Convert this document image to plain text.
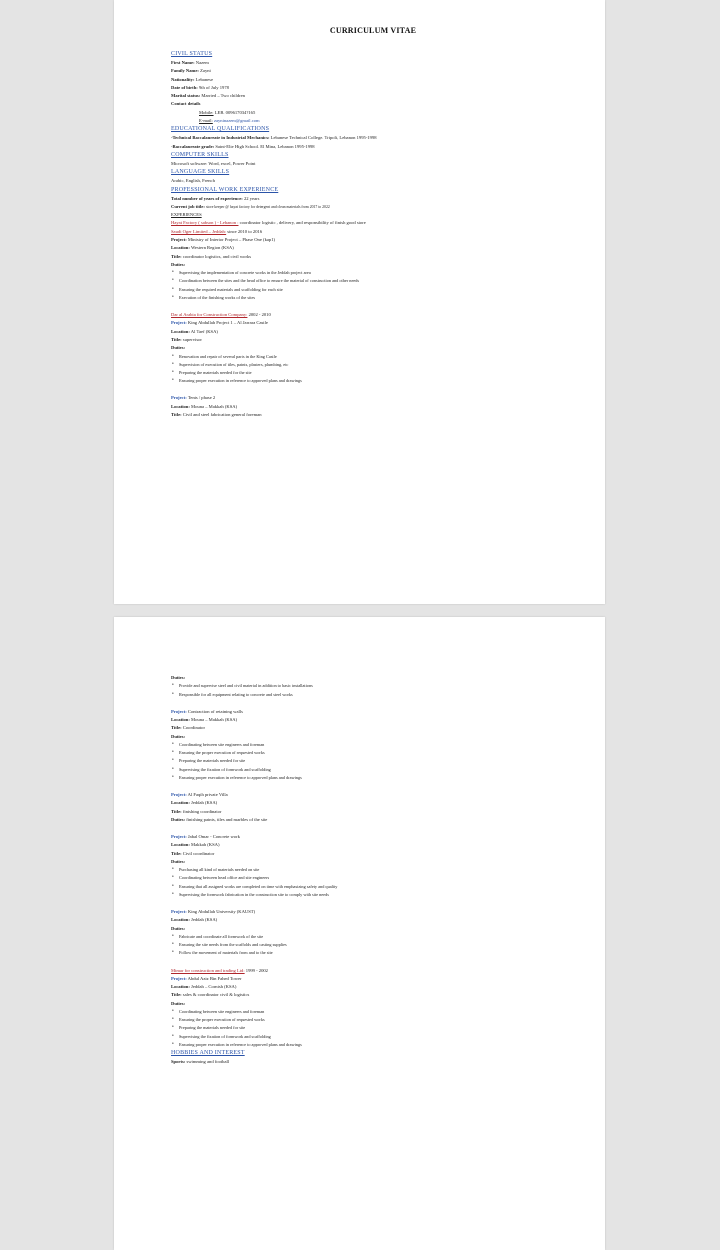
CURRICULUM VITAE
CIVIL STATUS
First Name: Nazem
Family Name: Zayni
Nationality: Lebanese
Date of birth: 9th of July 1978
Marital status: Married – Two children
Contact details
Mobile: LEB. 009617034?165
E-mail: zayninazem@gmail.com
EDUCATIONAL QUALIFICATIONS
-Technical Baccalaureate in Industrial Mechanics: Lebanese Technical College. Tripoli, Lebanon 1995-1998
-Baccalaureate grade: Saint-Elie High School. El Mina, Lebanon 1995-1998
COMPUTER SKILLS
Microsoft software: Word, excel, Power Point
LANGUAGE SKILLS
Arabic, English, French
PROFESSIONAL WORK EXPERIENCE
Total number of years of experience: 22 years
Current job title: store keeper @ hayat factory for detergent and clean materials from 2017 to 2022
EXPERIENCES
Hayat Factory ( sabson ) - Lebanon : coordinator logistic , delivery, and responsibility of finish good store
Saudi Oger Limited – Jeddah: since 2010 to 2016
Project: Ministry of Interior Project – Phase One (kap1)
Location: Western Region (KSA)
Title: coordinator logistics, and civil works
Duties:
• Supervising the implementation of concrete works in the Jeddah project area
• Coordination between the sites and the head office to ensure the material of construction and other needs
• Ensuring the required materials and scaffolding for each site
• Execution of the finishing works of the sites
Dar al Arabia for Construction Company: 2002 - 2010
Project: King Abdullah Project 1 – Al Jarrara Castle
Location: Al Taef (KSA)
Title: supervisor
Duties:
• Renovation and repair of several parts in the King Castle
• Supervision of execution of tiles, paints, plasters, plumbing, etc
• Preparing the materials needed for the site
• Ensuring proper execution in reference to approved plans and drawings
Project: Tents / phase 2
Location: Mouna – Makkah (KSA)
Title: Civil and steel fabrication general foreman
Duties:
• Provide and supervise steel and civil material in addition to basic installations
• Responsible for all equipment relating to concrete and steel works
Project: Contraction of retaining walls
Location: Mouna – Makkah (KSA)
Title: Coordinator
Duties:
• Coordinating between site engineers and foreman
• Ensuring the proper execution of requested works
• Preparing the materials needed for site
• Supervising the fixation of formwork and scaffolding
• Ensuring proper execution in reference to approved plans and drawings
Project: Al Faqih private Villa
Location: Jeddah (KSA)
Title: finishing coordinator
Duties: finishing paints, tiles and marbles of the site
Project: Jabal Omar - Concrete work
Location: Makkah (KSA)
Title: Civil coordinator
Duties:
• Purchasing all kind of materials needed on site
• Coordinating between head office and site engineers
• Ensuring that all assigned works are completed on time with emphasizing safety and quality
• Supervising the formwork fabrication in the construction site to comply with site needs
Project: King Abdullah University (KAUST)
Location: Jeddah (KSA)
Duties:
• Fabricate and coordinate all formwork of the site
• Ensuring the site needs from the scaffolds and casting supplies
• Follow the movement of materials from and to the site
Mimar for construction and trading Ltd: 1999 - 2002
Project: Abdul Aziz Bin Fahed Tower
Location: Jeddah – Cornish (KSA)
Title: sales & coordinator civil & logistics
Duties:
• Coordinating between site engineers and foreman
• Ensuring the proper execution of requested works
• Preparing the materials needed for site
• Supervising the fixation of formwork and scaffolding
• Ensuring proper execution in reference to approved plans and drawings
HOBBIES AND INTEREST
Sports: swimming and football
